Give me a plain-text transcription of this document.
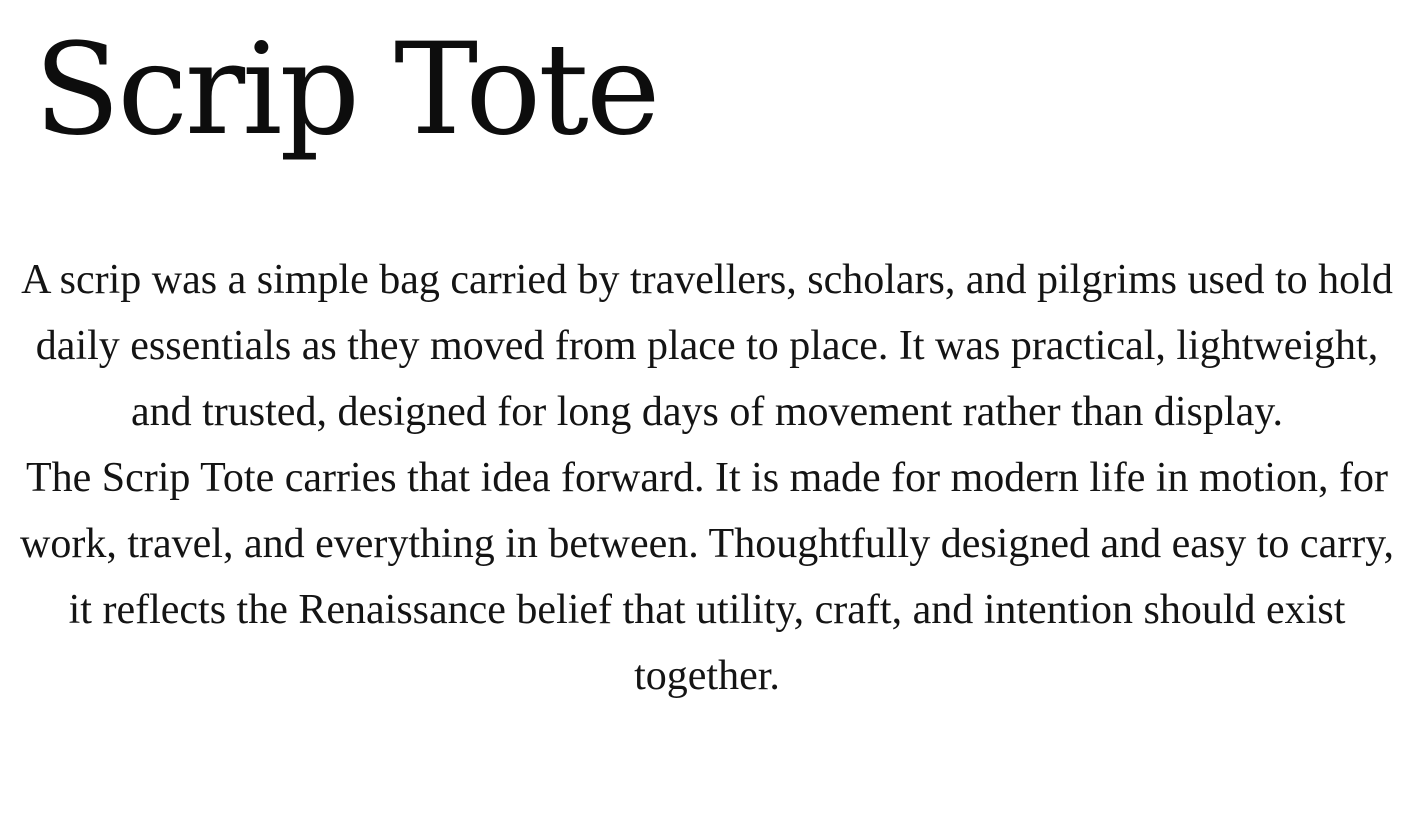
Scrip Tote

A scrip was a simple bag carried by travellers, scholars, and pilgrims used to hold daily essentials as they moved from place to place. It was practical, lightweight, and trusted, designed for long days of movement rather than display.

The Scrip Tote carries that idea forward. It is made for modern life in motion, for work, travel, and everything in between. Thoughtfully designed and easy to carry, it reflects the Renaissance belief that utility, craft, and intention should exist together.
